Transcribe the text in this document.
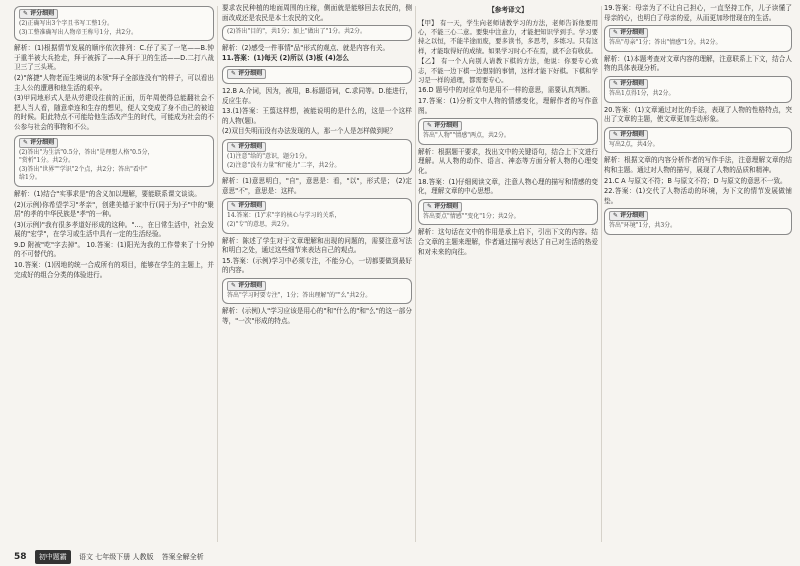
✎ 评分细则
(2)正确写出3个字且书写工整1分。
(3)工整准确写出人物帝王称号1分，共2分。

解析：(1)根据情节发展的顺序依次排列：C.仔了买了一笔——B.钟于重半被大兵抢走，拜于被拆了——A.拜于卫的生活——D.二打八战卫三了三头班。

(2)"落捷"人物老而生境说的本领"拜子全部连没有"的样子，可以看出主人公的遭遇和他生活的艰辛。

(3)甲同地形式人是从劳建设往前的正面，历年周使得总能翻社会不把人当人看，随意牵连和生存的想见，便人文变成了身不由己的被迫的时候。阳此特点不可能给他生活改产生的时代，可能成为社会的不公参与社会的事物和不公。

✎ 评分细则
(2)答出"为生活"0.5分，答出"是理想人格"0.5分，
"赏析"1分。共2分。
(3)答出"世界""学识"2个点，共2分；答出"看中"
给1分。

解析：(1)结合"实事求是"的含义加以理解，要能联系课文谈谈。

(2)(示例)你希望学习"孝亲"，创建美德于家中行(同于为)子"中的"聚居"的孝的中华民族是"孝"的一种。

(3)(示例)"我有很多孝道好形成的这种。"...，在日常生活中，社会发展的"宏学"，在学习或生活中具有一定的生活经验。

9.D 附被"吃"字去掉"。 10.答案：(1)阳光为我的工作带来了十分钟的不可替代的。

10.答案：(1)因地的统一合成所有的项目，能够在学生的主题上，并完成好的组合分类的体验进行。

要求农民种植的地面周围的庄稼，侧面就是能够回去农民的，侧面改成还是农民是本土农民的文化。

(2)答出"目的"，共1分；加上"做出了"1分。共2分。

解析：(2)感受一件事情"品"形式的观点、就是内容有关。

11.答案：(1)每天 (2)所以 (3)板 (4)怎么

✎ 评分细则

12.B A.介词，因为，被用，B.标题语词，C.求同等。D.能进行，反应生存。

13.(1)答案：王翦这样想，被能说明的是什么的，这是一个这样的人物(题)。

(2)双目失明而没有办法发现的人，那一个人是怎样做到呢？

✎ 评分细则
(1)注意"给的"意识，题分1分。
(2)注意"没有力量"和"能力"二字，共2分。

解析：(1)意思明白，"自"，意思是：看，"以"，形式是； (2)定意思"不"，意思是：这样。

✎ 评分细则
14.答案：(1)"求"字的核心与学习的关系，
(2)"专"的意思，共2分。

解析：陈述了学生对于文章理解和出现的问题的，需要注意写法和明白之处，通过这些细节来表达自己的观点。

15.答案：(示例)学习中必须专注，不能分心，一切都要做到最好的内容。

✎ 评分细则
答出"学习时要专注"，1分；答出理解"的""么"共2分。

解析：(示例)人"学习应该是用心的"和"什么的"和"么"的这一部分等，"一次"形成的特点。

【参考译文】

【甲】 有一天，学生向老师请教学习的方法，老师告诉他要用心，不能三心二意。要集中注意力，才能把知识学到手。学习要持之以恒，不能半途而废，要多读书，多思考，多练习。只有这样，才能取得好的成绩。如果学习时心不在焉，就不会有收获。

【乙】 有一个人向别人请教下棋的方法，他说：你要专心致志，不能一边下棋一边想别的事情，这样才能下好棋。下棋和学习是一样的道理，都需要专心。

16.D 题号中的对应单句是用不一样的意思，需要认真判断。

17.答案：(1)分析文中人物的情感变化，理解作者的写作意图。

✎ 评分细则
答出"人物""情感"两点，共2分。

解析：根据题干要求，找出文中的关键语句，结合上下文进行理解。从人物的动作、语言、神态等方面分析人物的心理变化。

18.答案：(1)仔细阅读文章，注意人物心理的描写和情感的变化，理解文章的中心思想。

✎ 评分细则
答出要点"情感""变化"1分；共2分。

解析：这句话在文中的作用是承上启下，引出下文的内容。结合文章的主题来理解，作者通过描写表达了自己对生活的热爱和对未来的向往。

19.答案：母亲为了不让自己担心，一直坚持工作，儿子读懂了母亲的心，也明白了母亲的爱，从而更加珍惜现在的生活。

✎ 评分细则
答出"母亲"1分；答出"情感"1分。共2分。

解析：(1)本题考查对文章内容的理解，注意联系上下文，结合人物的具体表现分析。

✎ 评分细则
答出1点得1分，共2分。

20.答案：(1)文章通过对比的手法，表现了人物的性格特点，突出了文章的主题，使文章更加生动形象。

✎ 评分细则
写出2点，共4分。

解析：根据文章的内容分析作者的写作手法，注意理解文章的结构和主题。通过对人物的描写，展现了人物的品质和精神。

21.C A 与原文不符；B 与原文不符；D 与原文的意思不一致。

22.答案：(1)交代了人物活动的环境，为下文的情节发展做铺垫。

✎ 评分细则
答出"环境"1分，共3分。
58 初中题霸 语文 七年级下册 人教版 答案全解全析
